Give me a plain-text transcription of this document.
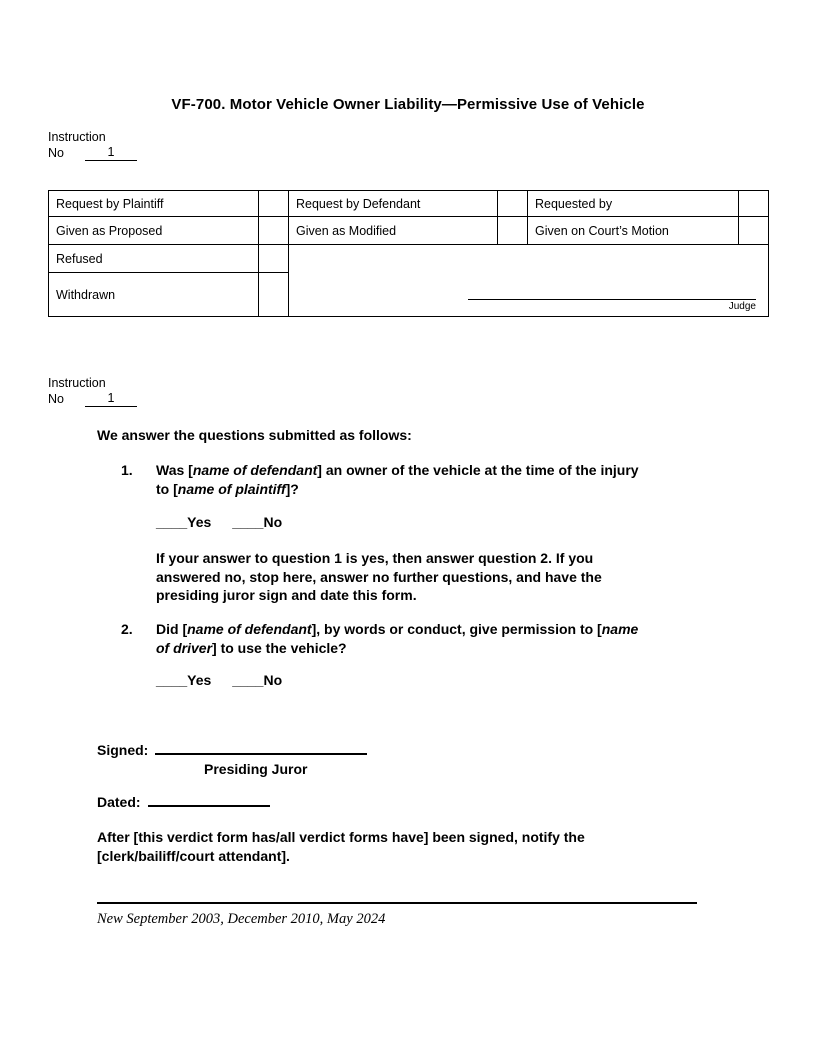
VF-700. Motor Vehicle Owner Liability—Permissive Use of Vehicle
Instruction
No	1
Request by Plaintiff		Request by Defendant		Requested by	
Given as Proposed		Given as Modified		Given on Court’s Motion	
Refused		Judge			

Withdrawn					
Instruction
No	1
We answer the questions submitted as follows:
1.	Was [name of defendant] an owner of the vehicle at the time of the injury
to [name of plaintiff]?
____Yes ____No
If your answer to question 1 is yes, then answer question 2. If you
answered no, stop here, answer no further questions, and have the
presiding juror sign and date this form.
2.	Did [name of defendant], by words or conduct, give permission to [name
of driver] to use the vehicle?
____Yes ____No
Signed:
Presiding Juror
Dated:
After [this verdict form has/all verdict forms have] been signed, notify the
[clerk/bailiff/court attendant].
New September 2003, December 2010, May 2024
